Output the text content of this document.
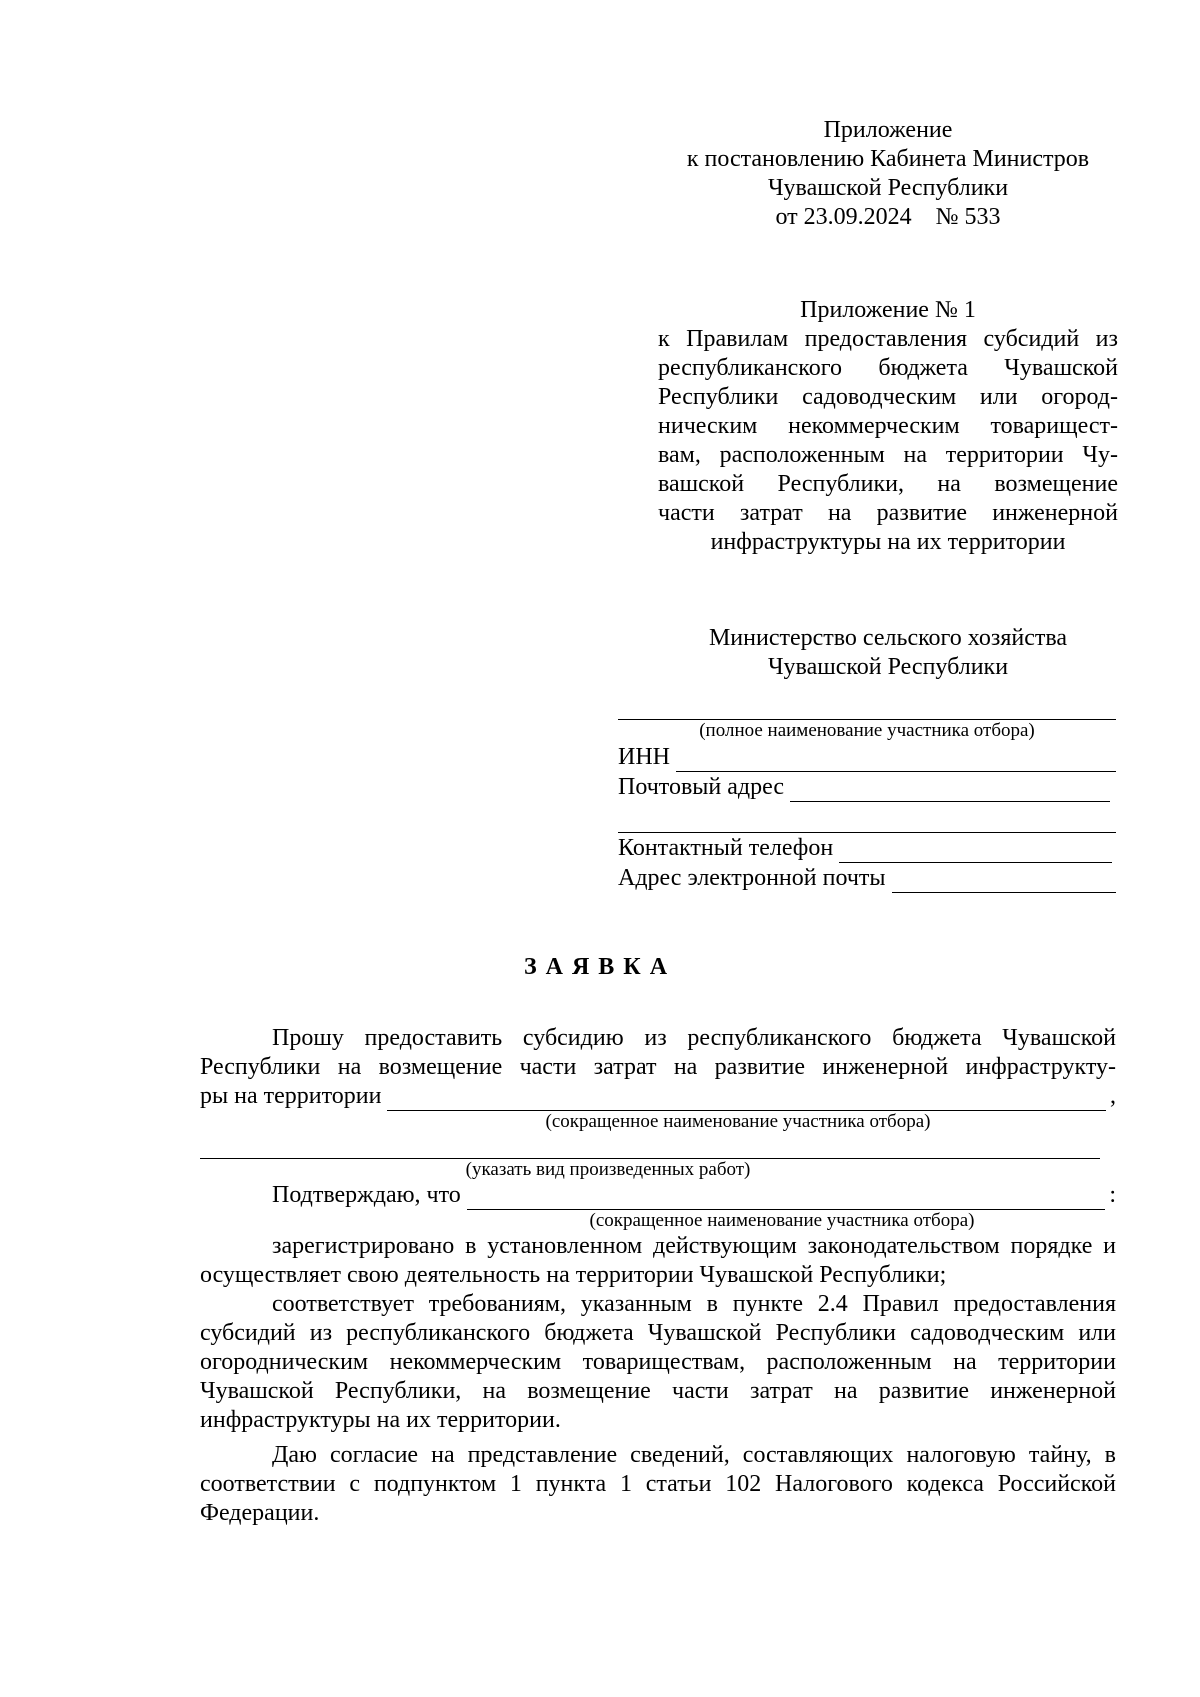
Приложение
к постановлению Кабинета Министров
Чувашской Республики
от 23.09.2024    № 533
Приложение № 1
к Правилам предоставления субсидий из
республиканского бюджета Чувашской
Республики садоводческим или огород-
ническим некоммерческим товарищест-
вам, расположенным на территории Чу-
вашской Республики, на возмещение
части затрат на развитие инженерной
инфраструктуры на их территории
Министерство сельского хозяйства
Чувашской Республики
(полное наименование участника отбора)
ИНН
Почтовый адрес
Контактный телефон
Адрес электронной почты
ЗАЯВКА
Прошу предоставить субсидию из республиканского бюджета Чувашской
Республики на возмещение части затрат на развитие инженерной инфраструкту-
ры на территории	,
(сокращенное наименование участника отбора)
(указать вид произведенных работ)
Подтверждаю, что	:
(сокращенное наименование участника отбора)
зарегистрировано в установленном действующим законодательством порядке и осуществляет свою деятельность на территории Чувашской Республики;
соответствует требованиям, указанным в пункте 2.4 Правил предоставления субсидий из республиканского бюджета Чувашской Республики садоводческим или огородническим некоммерческим товариществам, расположенным на территории Чувашской Республики, на возмещение части затрат на развитие инженерной инфраструктуры на их территории.
Даю согласие на представление сведений, составляющих налоговую тайну, в соответствии с подпунктом 1 пункта 1 статьи 102 Налогового кодекса Российской Федерации.
